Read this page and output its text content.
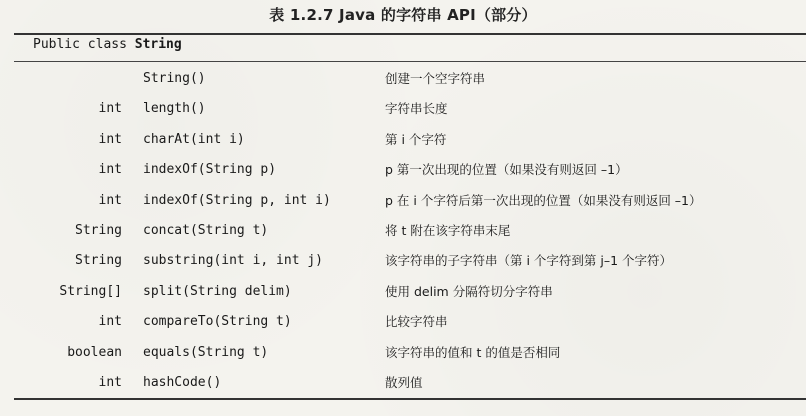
表 1.2.7 Java 的字符串 API（部分）
Public class String
String()	创建一个空字符串
int length()	字符串长度
int charAt(int i)	第 i 个字符
int indexOf(String p)	p 第一次出现的位置（如果没有则返回 –1）
int indexOf(String p, int i)	p 在 i 个字符后第一次出现的位置（如果没有则返回 –1）
String concat(String t)	将 t 附在该字符串末尾
String substring(int i, int j)	该字符串的子字符串（第 i 个字符到第 j–1 个字符）
String[] split(String delim)	使用 delim 分隔符切分字符串
int compareTo(String t)	比较字符串
boolean equals(String t)	该字符串的值和 t 的值是否相同
int hashCode()	散列值
